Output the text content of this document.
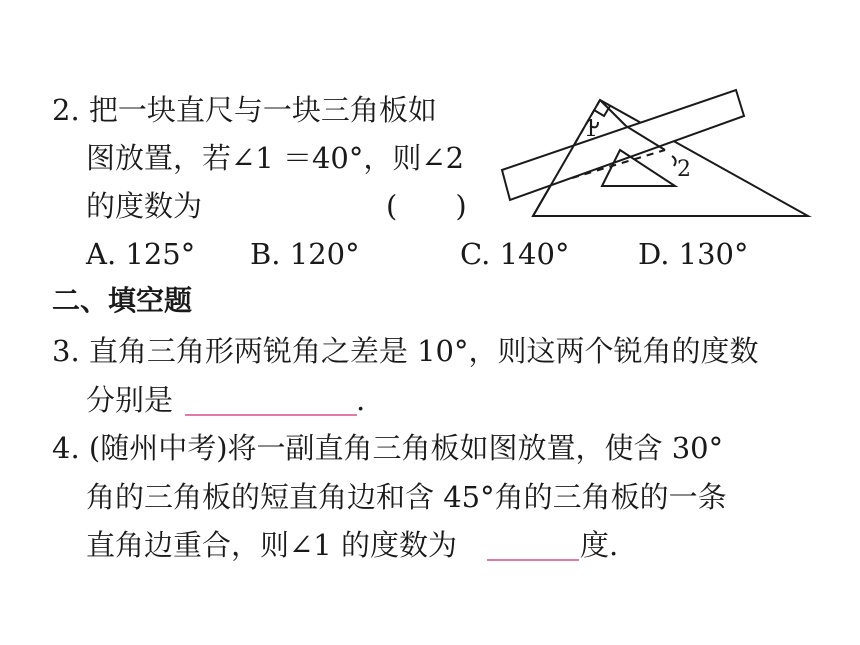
2. 把一块直尺与一块三角板如
图放置，若∠1 ＝40°，则∠2
的度数为	(　　)
A. 125° B. 120°	C. 140° D. 130°
1
2
二、填空题
3. 直角三角形两锐角之差是 10°，则这两个锐角的度数
分别是	.
4. (随州中考)将一副直角三角板如图放置，使含 30°
角的三角板的短直角边和含 45°角的三角板的一条
直角边重合，则∠1 的度数为	度.
